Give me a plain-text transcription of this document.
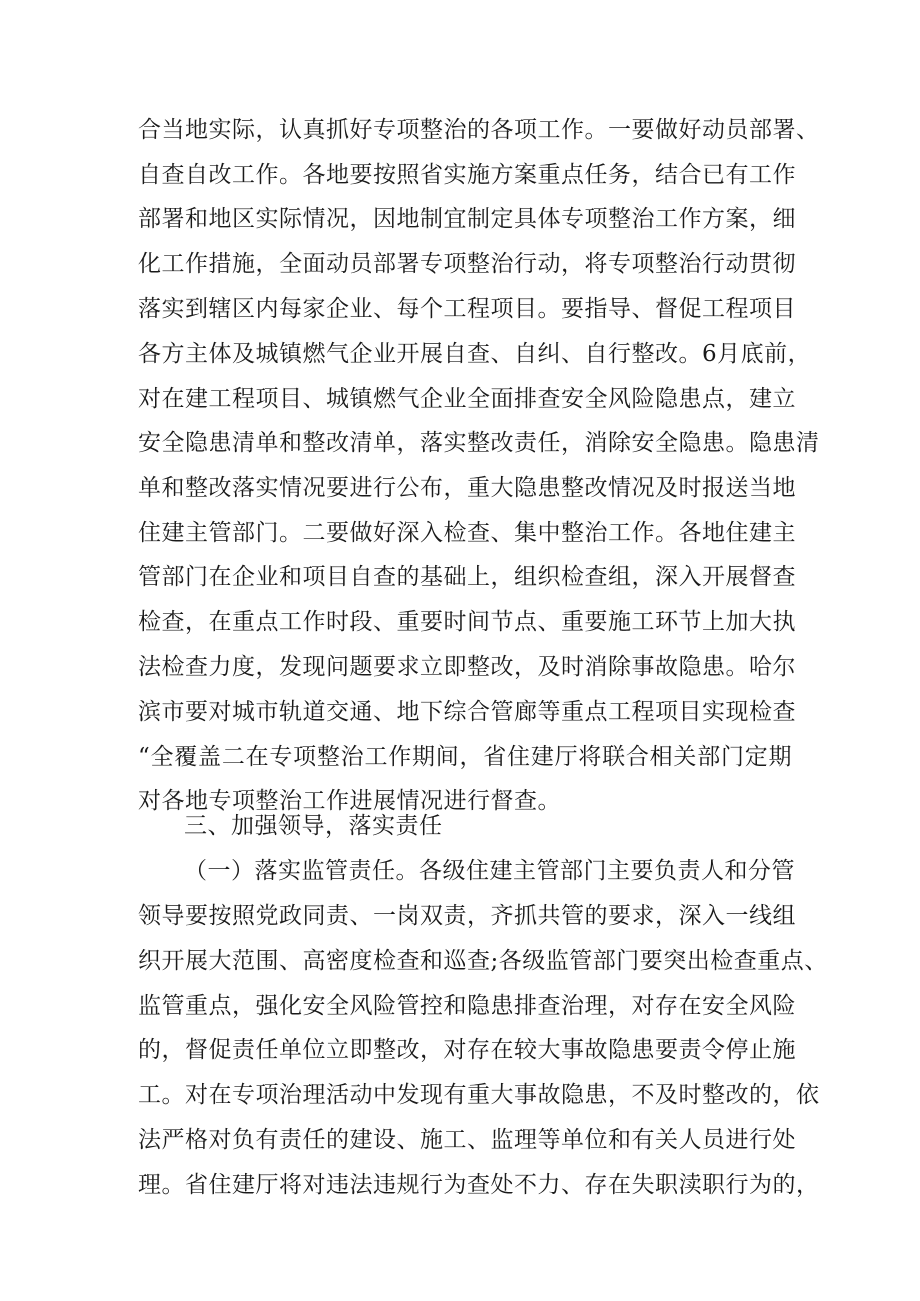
合当地实际，认真抓好专项整治的各项工作。一要做好动员部署、
自查自改工作。各地要按照省实施方案重点任务，结合已有工作
部署和地区实际情况，因地制宜制定具体专项整治工作方案，细
化工作措施，全面动员部署专项整治行动，将专项整治行动贯彻
落实到辖区内每家企业、每个工程项目。要指导、督促工程项目
各方主体及城镇燃气企业开展自查、自纠、自行整改。6月底前，
对在建工程项目、城镇燃气企业全面排查安全风险隐患点，建立
安全隐患清单和整改清单，落实整改责任，消除安全隐患。隐患清
单和整改落实情况要进行公布，重大隐患整改情况及时报送当地
住建主管部门。二要做好深入检查、集中整治工作。各地住建主
管部门在企业和项目自查的基础上，组织检查组，深入开展督查
检查，在重点工作时段、重要时间节点、重要施工环节上加大执
法检查力度，发现问题要求立即整改，及时消除事故隐患。哈尔
滨市要对城市轨道交通、地下综合管廊等重点工程项目实现检查
“全覆盖二在专项整治工作期间，省住建厅将联合相关部门定期
对各地专项整治工作进展情况进行督查。
三、加强领导，落实责任
（一）落实监管责任。各级住建主管部门主要负责人和分管
领导要按照党政同责、一岗双责，齐抓共管的要求，深入一线组
织开展大范围、高密度检查和巡查;各级监管部门要突出检查重点、
监管重点，强化安全风险管控和隐患排查治理，对存在安全风险
的，督促责任单位立即整改，对存在较大事故隐患要责令停止施
工。对在专项治理活动中发现有重大事故隐患，不及时整改的，依
法严格对负有责任的建设、施工、监理等单位和有关人员进行处
理。省住建厅将对违法违规行为查处不力、存在失职渎职行为的，
